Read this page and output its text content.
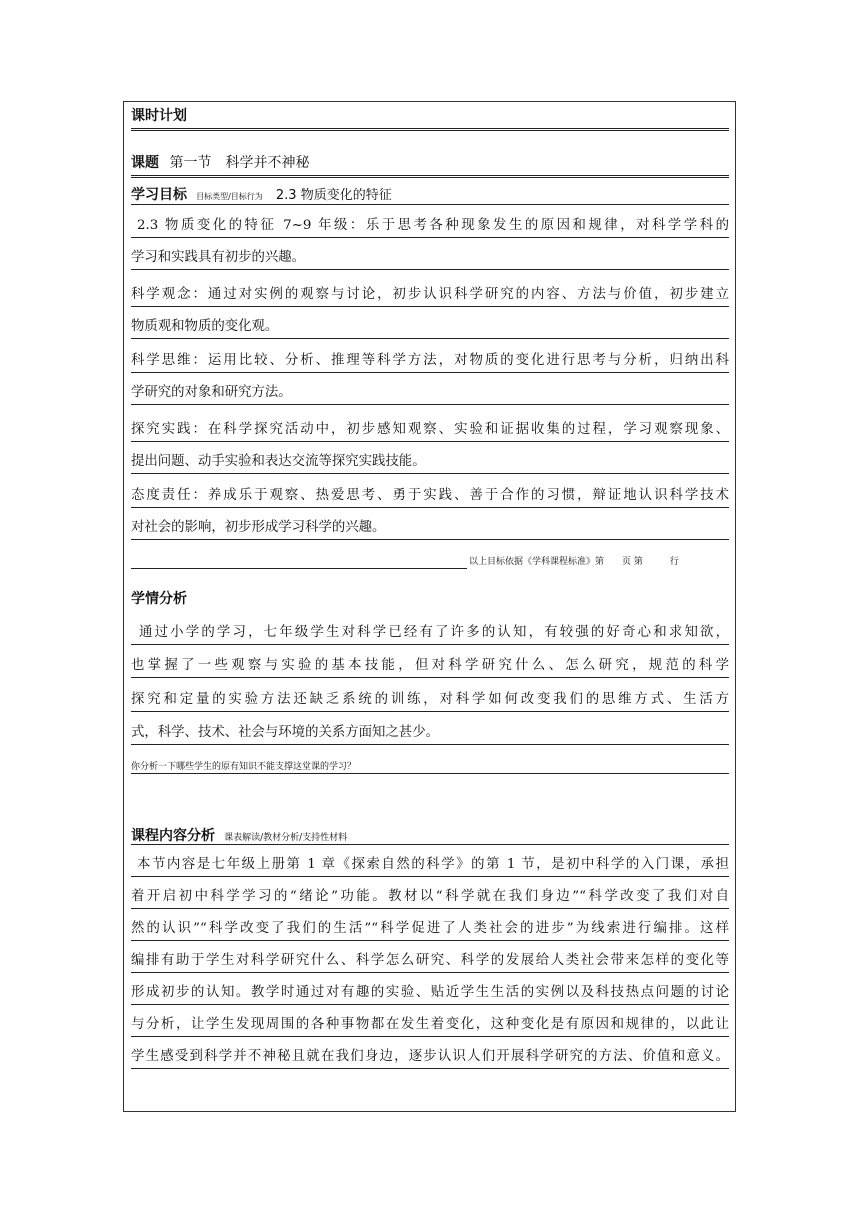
课时计划
课题 第一节　科学并不神秘
学习目标 目标类型/目标行为 2.3 物质变化的特征
2.3 物质变化的特征 7~9 年级：乐于思考各种现象发生的原因和规律，对科学学科的
学习和实践具有初步的兴趣。
科学观念：通过对实例的观察与讨论，初步认识科学研究的内容、方法与价值，初步建立
物质观和物质的变化观。
科学思维：运用比较、分析、推理等科学方法，对物质的变化进行思考与分析，归纳出科
学研究的对象和研究方法。
探究实践：在科学探究活动中，初步感知观察、实验和证据收集的过程，学习观察现象、
提出问题、动手实验和表达交流等探究实践技能。
态度责任：养成乐于观察、热爱思考、勇于实践、善于合作的习惯，辩证地认识科学技术
对社会的影响，初步形成学习科学的兴趣。
以上目标依据《学科课程标准》第　　页 第　　　行
学情分析
通过小学的学习，七年级学生对科学已经有了许多的认知，有较强的好奇心和求知欲，
也掌握了一些观察与实验的基本技能，但对科学研究什么、怎么研究，规范的科学
探究和定量的实验方法还缺乏系统的训练，对科学如何改变我们的思维方式、生活方
式，科学、技术、社会与环境的关系方面知之甚少。
你分析一下哪些学生的原有知识不能支撑这堂课的学习？
课程内容分析 课表解读/教材分析/支持性材料
本节内容是七年级上册第 1 章《探索自然的科学》的第 1 节，是初中科学的入门课，承担
着开启初中科学学习的“绪论”功能。教材以“科学就在我们身边”“科学改变了我们对自
然的认识”“科学改变了我们的生活”“科学促进了人类社会的进步”为线索进行编排。这样
编排有助于学生对科学研究什么、科学怎么研究、科学的发展给人类社会带来怎样的变化等
形成初步的认知。教学时通过对有趣的实验、贴近学生生活的实例以及科技热点问题的讨论
与分析，让学生发现周围的各种事物都在发生着变化，这种变化是有原因和规律的，以此让
学生感受到科学并不神秘且就在我们身边，逐步认识人们开展科学研究的方法、价值和意义。
